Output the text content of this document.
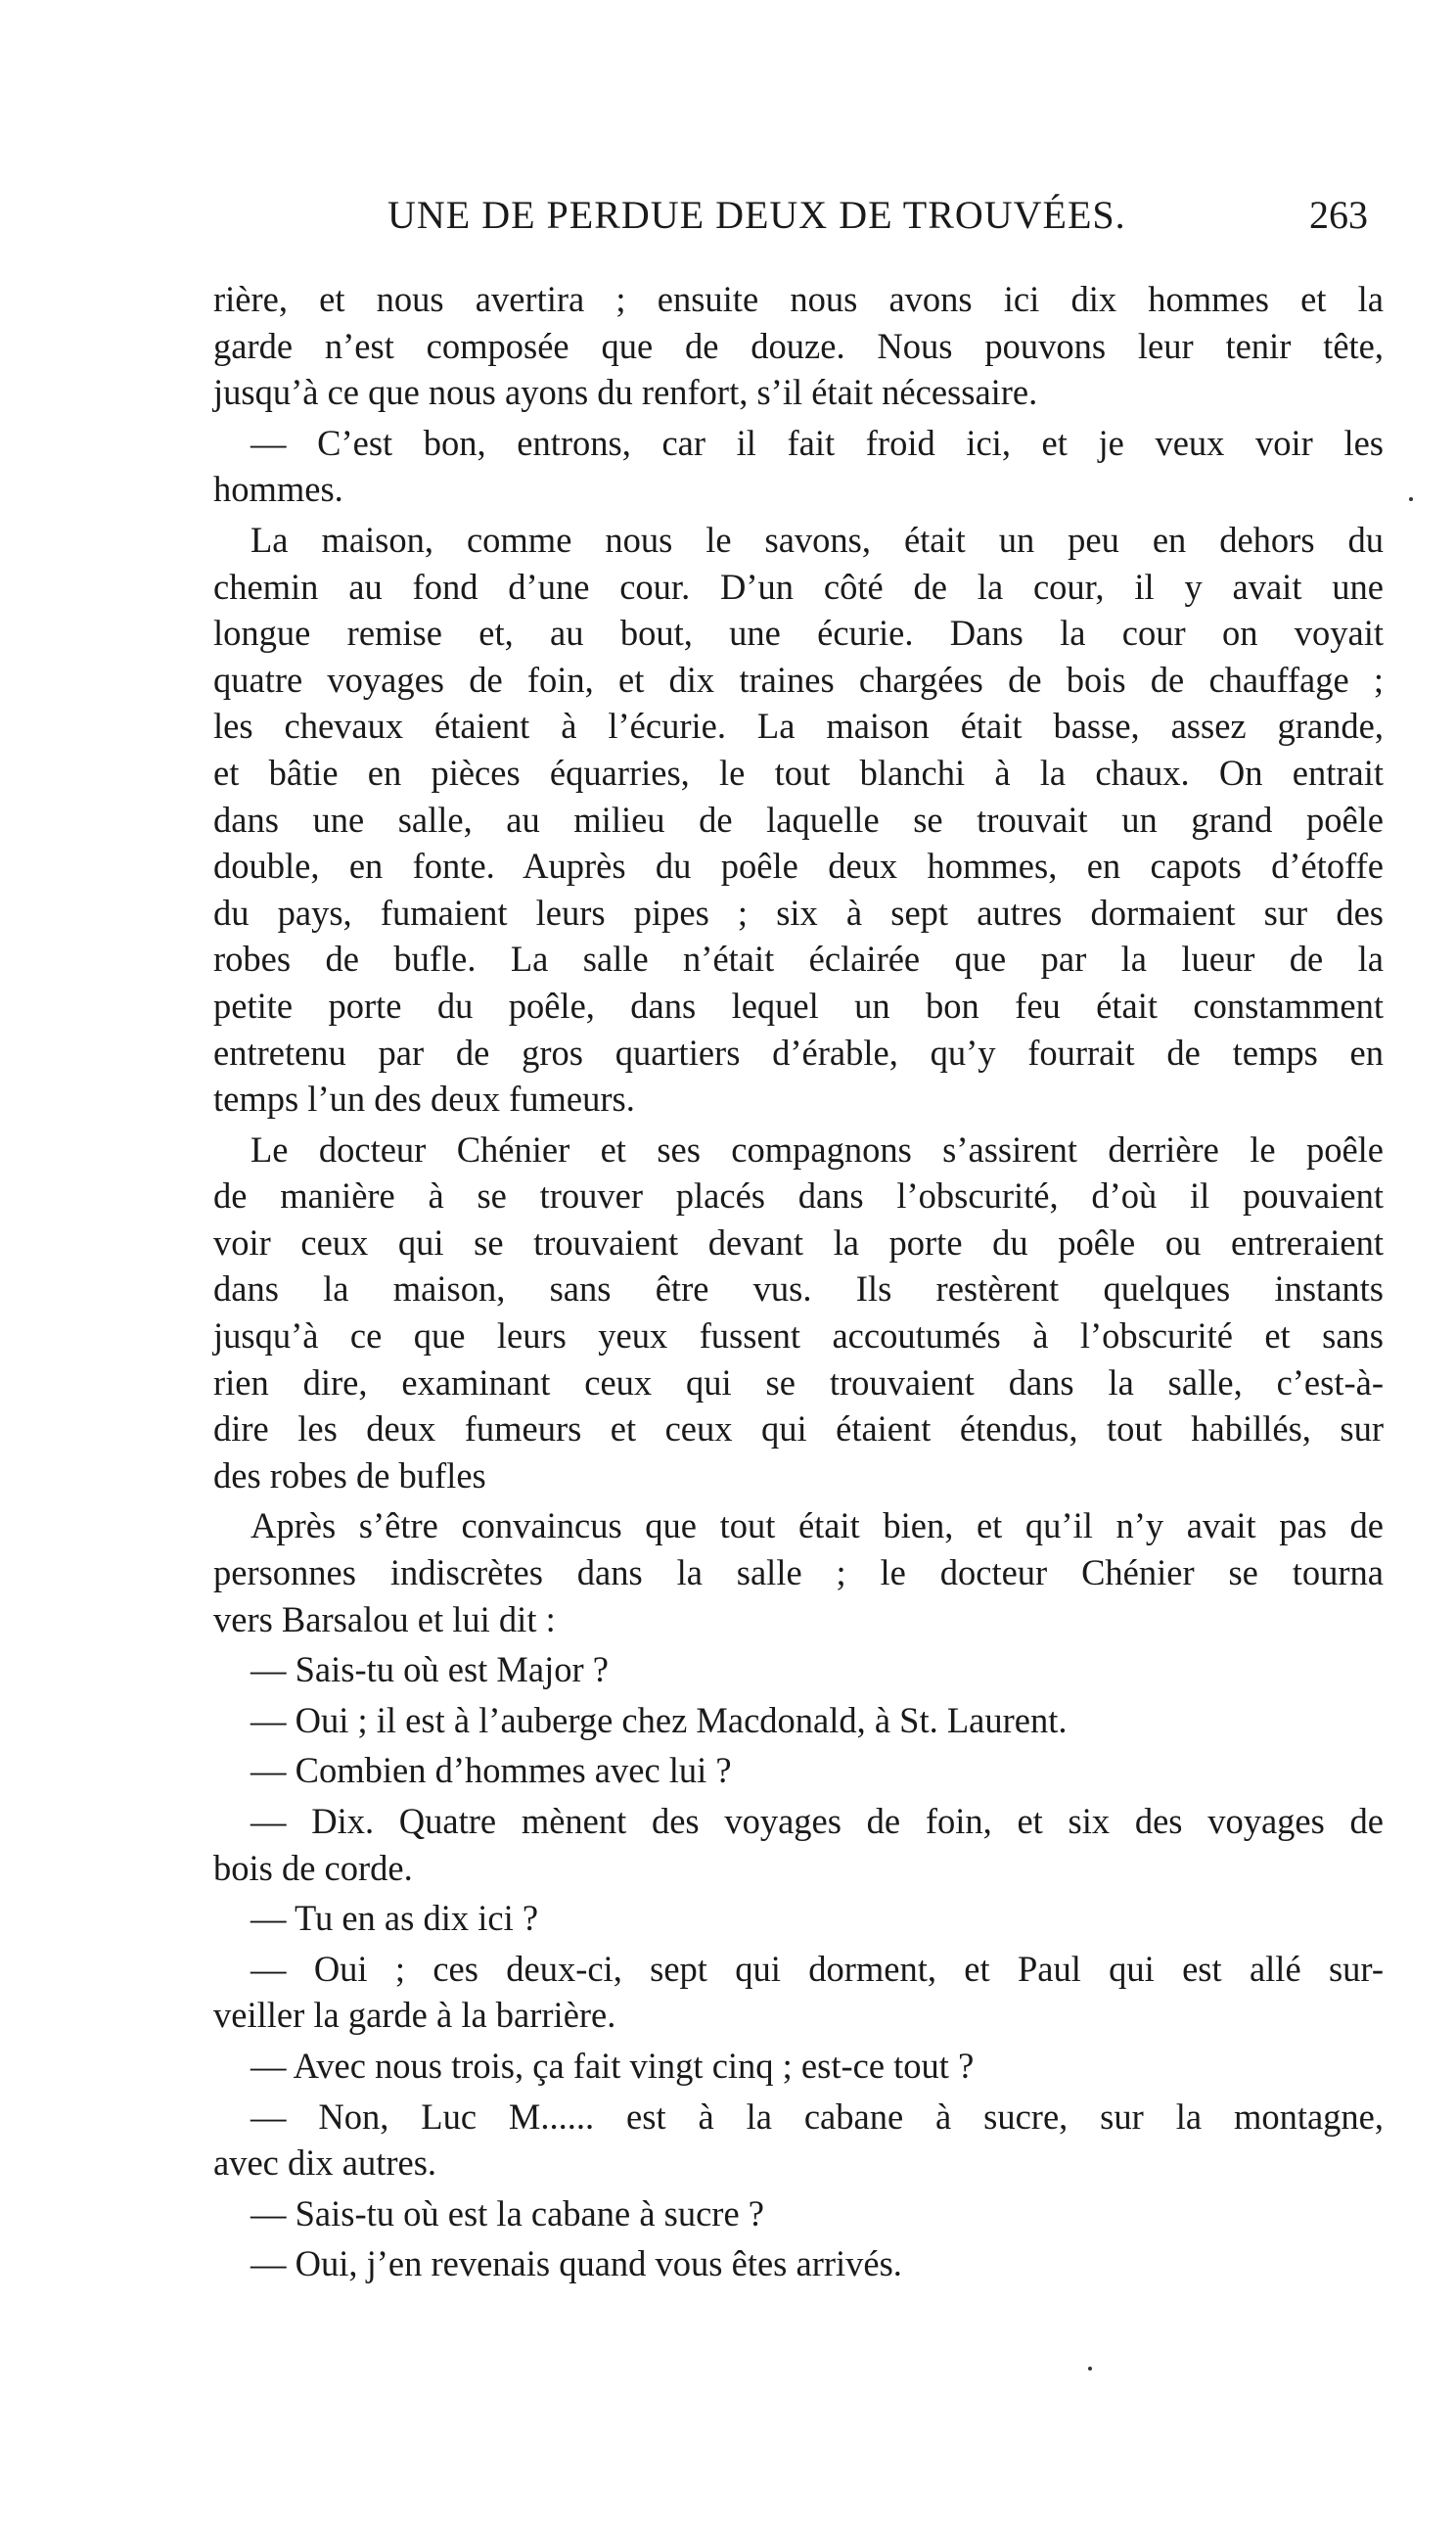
UNE DE PERDUE DEUX DE TROUVÉES.	263
rière, et nous avertira ; ensuite nous avons ici dix hommes et la
garde n’est composée que de douze. Nous pouvons leur tenir tête,
jusqu’à ce que nous ayons du renfort, s’il était nécessaire.
— C’est bon, entrons, car il fait froid ici, et je veux voir les
hommes.
La maison, comme nous le savons, était un peu en dehors du
chemin au fond d’une cour. D’un côté de la cour, il y avait une
longue remise et, au bout, une écurie. Dans la cour on voyait
quatre voyages de foin, et dix traines chargées de bois de chauffage ;
les chevaux étaient à l’écurie. La maison était basse, assez grande,
et bâtie en pièces équarries, le tout blanchi à la chaux. On entrait
dans une salle, au milieu de laquelle se trouvait un grand poêle
double, en fonte. Auprès du poêle deux hommes, en capots d’étoffe
du pays, fumaient leurs pipes ; six à sept autres dormaient sur des
robes de bufle. La salle n’était éclairée que par la lueur de la
petite porte du poêle, dans lequel un bon feu était constamment
entretenu par de gros quartiers d’érable, qu’y fourrait de temps en
temps l’un des deux fumeurs.
Le docteur Chénier et ses compagnons s’assirent derrière le poêle
de manière à se trouver placés dans l’obscurité, d’où il pouvaient
voir ceux qui se trouvaient devant la porte du poêle ou entreraient
dans la maison, sans être vus. Ils restèrent quelques instants
jusqu’à ce que leurs yeux fussent accoutumés à l’obscurité et sans
rien dire, examinant ceux qui se trouvaient dans la salle, c’est-à-
dire les deux fumeurs et ceux qui étaient étendus, tout habillés, sur
des robes de bufles
Après s’être convaincus que tout était bien, et qu’il n’y avait pas de
personnes indiscrètes dans la salle ; le docteur Chénier se tourna
vers Barsalou et lui dit :
— Sais-tu où est Major ?
— Oui ; il est à l’auberge chez Macdonald, à St. Laurent.
— Combien d’hommes avec lui ?
— Dix. Quatre mènent des voyages de foin, et six des voyages de
bois de corde.
— Tu en as dix ici ?
— Oui ; ces deux-ci, sept qui dorment, et Paul qui est allé sur-
veiller la garde à la barrière.
— Avec nous trois, ça fait vingt cinq ; est-ce tout ?
— Non, Luc M...... est à la cabane à sucre, sur la montagne,
avec dix autres.
— Sais-tu où est la cabane à sucre ?
— Oui, j’en revenais quand vous êtes arrivés.
